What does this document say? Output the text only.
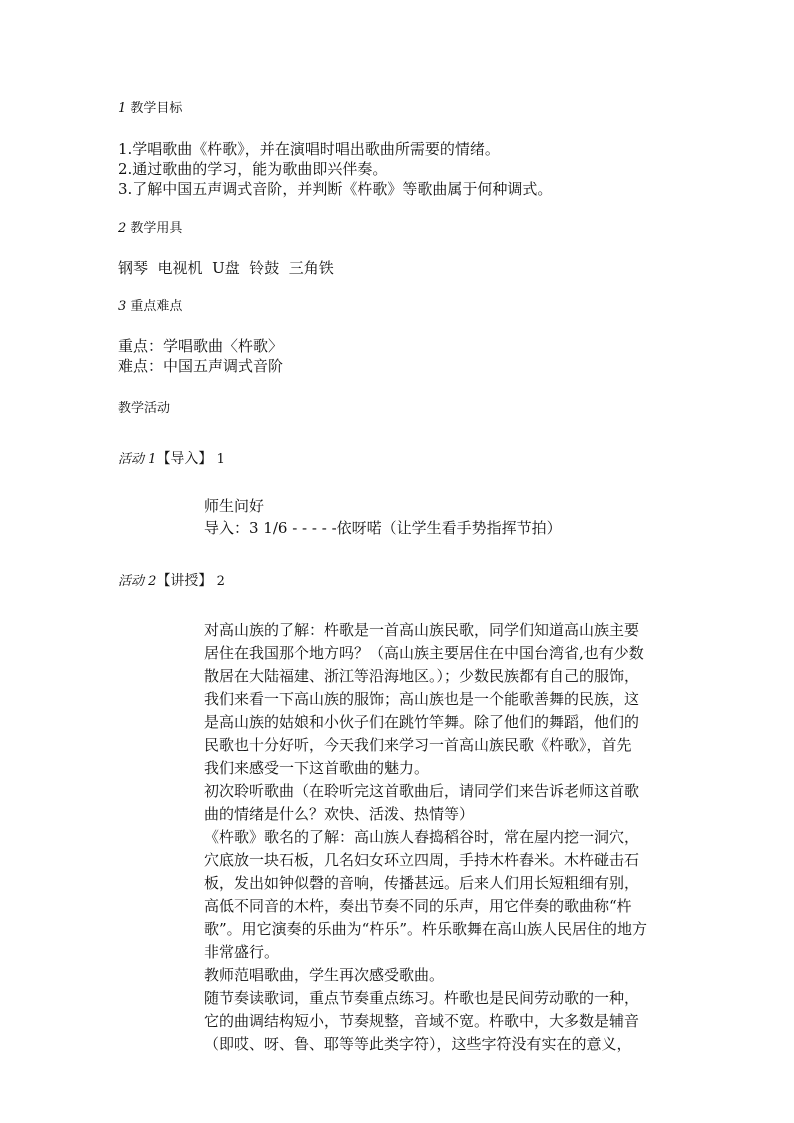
1 教学目标
1.学唱歌曲《杵歌》，并在演唱时唱出歌曲所需要的情绪。
2.通过歌曲的学习，能为歌曲即兴伴奏。
3.了解中国五声调式音阶，并判断《杵歌》等歌曲属于何种调式。
2 教学用具
钢琴  电视机  U盘  铃鼓  三角铁
3 重点难点
重点：学唱歌曲〈杵歌〉
难点：中国五声调式音阶
教学活动
活动 1【导入】 1
师生问好
导入：3 1/6 - - - - -依呀喏（让学生看手势指挥节拍）
活动 2【讲授】 2
对高山族的了解：杵歌是一首高山族民歌，同学们知道高山族主要
居住在我国那个地方吗？（高山族主要居住在中国台湾省,也有少数
散居在大陆福建、浙江等沿海地区。）；少数民族都有自己的服饰，
我们来看一下高山族的服饰；高山族也是一个能歌善舞的民族，这
是高山族的姑娘和小伙子们在跳竹竿舞。除了他们的舞蹈，他们的
民歌也十分好听，今天我们来学习一首高山族民歌《杵歌》，首先
我们来感受一下这首歌曲的魅力。
初次聆听歌曲（在聆听完这首歌曲后，请同学们来告诉老师这首歌
曲的情绪是什么？欢快、活泼、热情等）
《杵歌》歌名的了解：高山族人舂捣稻谷时，常在屋内挖一洞穴，
穴底放一块石板，几名妇女环立四周，手持木杵舂米。木杵碰击石
板，发出如钟似磬的音响，传播甚远。后来人们用长短粗细有别，
高低不同音的木杵，奏出节奏不同的乐声，用它伴奏的歌曲称“杵
歌”。用它演奏的乐曲为“杵乐”。杵乐歌舞在高山族人民居住的地方
非常盛行。
教师范唱歌曲，学生再次感受歌曲。
随节奏读歌词，重点节奏重点练习。杵歌也是民间劳动歌的一种，
它的曲调结构短小，节奏规整，音域不宽。杵歌中，大多数是辅音
（即哎、呀、鲁、耶等等此类字符），这些字符没有实在的意义，
